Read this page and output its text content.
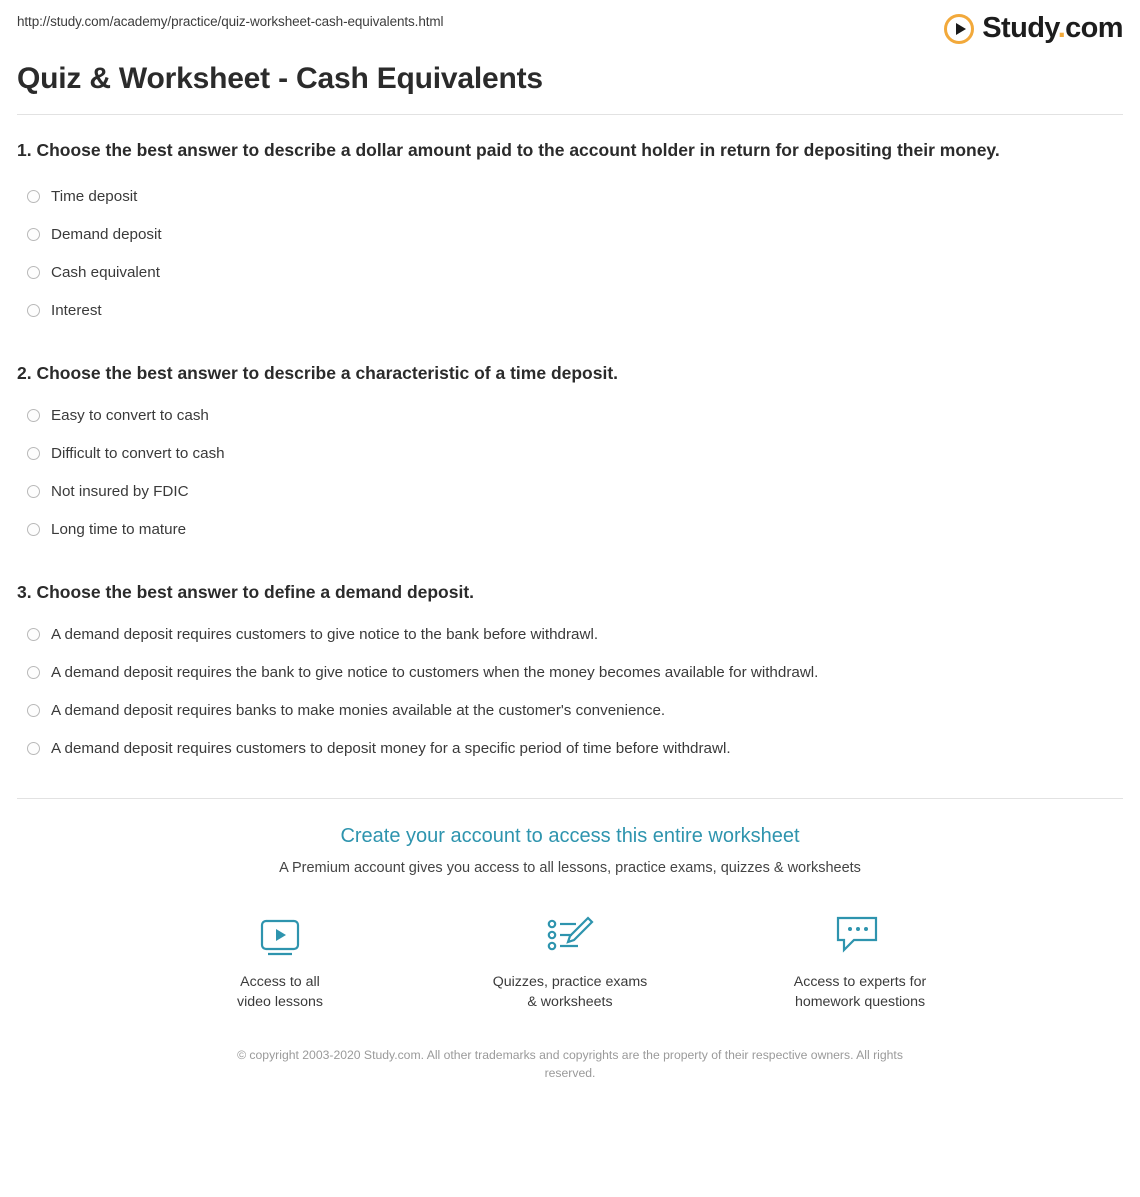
http://study.com/academy/practice/quiz-worksheet-cash-equivalents.html	Study.com
Quiz & Worksheet - Cash Equivalents

1. Choose the best answer to describe a dollar amount paid to the account holder in return for depositing their money.

Time deposit
Demand deposit
Cash equivalent
Interest

2. Choose the best answer to describe a characteristic of a time deposit.

Easy to convert to cash
Difficult to convert to cash
Not insured by FDIC
Long time to mature

3. Choose the best answer to define a demand deposit.

A demand deposit requires customers to give notice to the bank before withdrawl.
A demand deposit requires the bank to give notice to customers when the money becomes available for withdrawl.
A demand deposit requires banks to make monies available at the customer's convenience.
A demand deposit requires customers to deposit money for a specific period of time before withdrawl.

Create your account to access this entire worksheet

A Premium account gives you access to all lessons, practice exams, quizzes & worksheets

Access to all
video lessons
Quizzes, practice exams
& worksheets
Access to experts for
homework questions
© copyright 2003-2020 Study.com. All other trademarks and copyrights are the property of their respective owners. All rights reserved.
